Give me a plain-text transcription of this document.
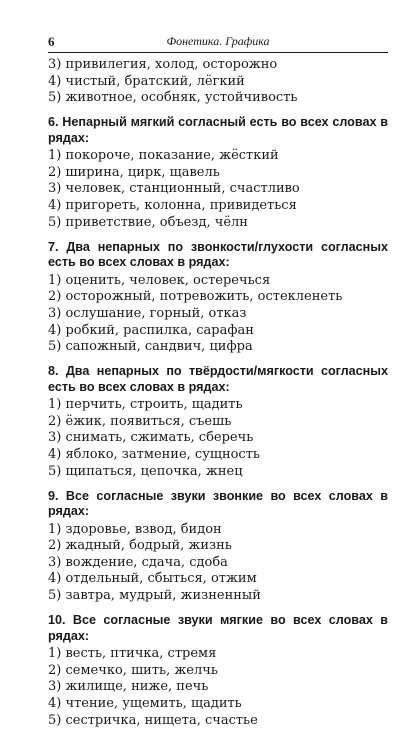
6	Фонетика. Графика
3) привилегия, холод, осторожно
4) чистый, братский, лёгкий
5) животное, особняк, устойчивость
6. Непарный мягкий согласный есть во всех словах в рядах:
1) покороче, показание, жёсткий
2) ширина, цирк, щавель
3) человек, станционный, счастливо
4) пригореть, колонна, привидеться
5) приветствие, объезд, чёлн
7. Два непарных по звонкости/глухости согласных есть во всех словах в рядах:
1) оценить, человек, остеречься
2) осторожный, потревожить, остекленеть
3) ослушание, горный, отказ
4) робкий, распилка, сарафан
5) сапожный, сандвич, цифра
8. Два непарных по твёрдости/мягкости согласных есть во всех словах в рядах:
1) перчить, строить, щадить
2) ёжик, появиться, съешь
3) снимать, сжимать, сберечь
4) яблоко, затмение, сущность
5) щипаться, цепочка, жнец
9. Все согласные звуки звонкие во всех словах в рядах:
1) здоровье, взвод, бидон
2) жадный, бодрый, жизнь
3) вождение, сдача, сдоба
4) отдельный, сбыться, отжим
5) завтра, мудрый, жизненный
10. Все согласные звуки мягкие во всех словах в рядах:
1) весть, птичка, стремя
2) семечко, шить, желчь
3) жилище, ниже, печь
4) чтение, ущемить, щадить
5) сестричка, нищета, счастье
